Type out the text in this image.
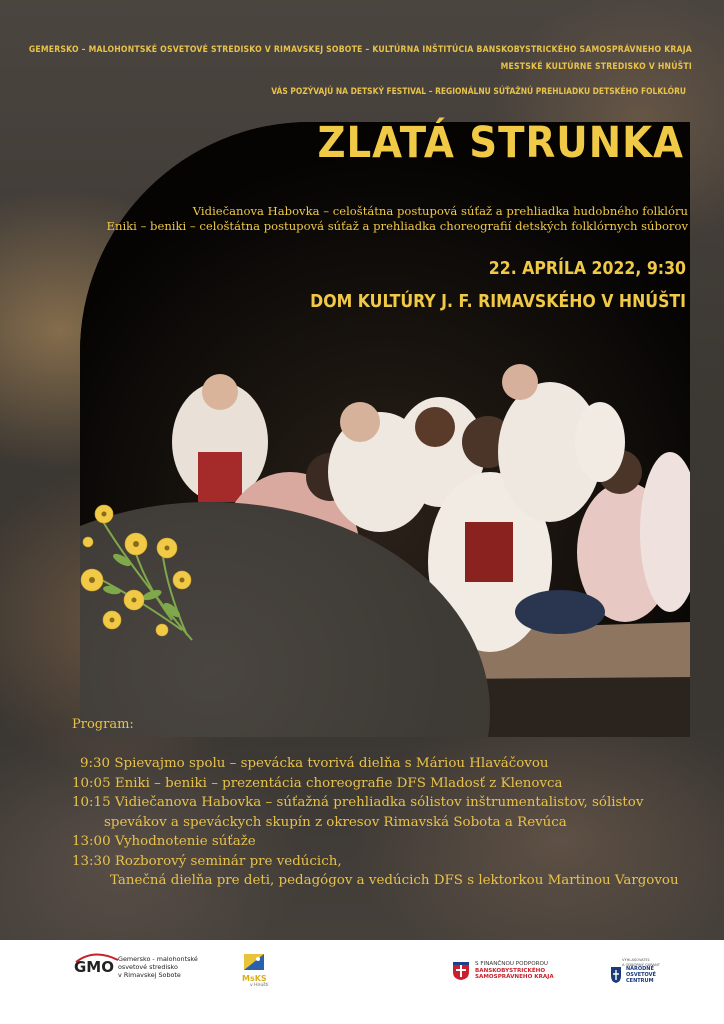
GEMERSKO – MALOHONTSKÉ OSVETOVÉ STREDISKO V RIMAVSKEJ SOBOTE – KULTÚRNA INŠTITÚCIA BANSKOBYSTRICKÉHO SAMOSPRÁVNEHO KRAJA
MESTSKÉ KULTÚRNE STREDISKO V HNÚŠTI
VÁS POZÝVAJÚ NA DETSKÝ FESTIVAL – REGIONÁLNU SÚŤAŽNÚ PREHLIADKU DETSKÉHO FOLKLÓRU
ZLATÁ STRUNKA
Vidiečanova Habovka – celoštátna postupová súťaž a prehliadka hudobného folklóru
Eniki – beniki – celoštátna postupová súťaž a prehliadka choreografií detských folklórnych súborov
22. APRÍLA 2022, 9:30
DOM KULTÚRY J. F. RIMAVSKÉHO V HNÚŠTI
Program:
9:30 Spievajmo spolu – spevácka tvorivá dielňa s Máriou Hlaváčovou
10:05 Eniki – beniki – prezentácia choreografie DFS Mladosť z Klenovca
10:15 Vidiečanova Habovka – súťažná prehliadka sólistov inštrumentalistov, sólistov
spevákov a speváckych skupín z okresov Rimavská Sobota a Revúca
13:00 Vyhodnotenie súťaže
13:30 Rozborový seminár pre vedúcich,
Tanečná dielňa pre deti, pedagógov a vedúcich DFS s lektorkou Martinou Vargovou
GMO Gemersko - malohontské
osvetové stredisko
v Rimavskej Sobote	MsKS
v Hnúšti
S FINANČNOU PODPOROU
BANSKOBYSTRICKÉHO
SAMOSPRÁVNEHO KRAJA
VYHLASOVATEĽ
A ODBORNÝ GARANT
NÁRODNÉ
OSVETOVÉ
CENTRUM
